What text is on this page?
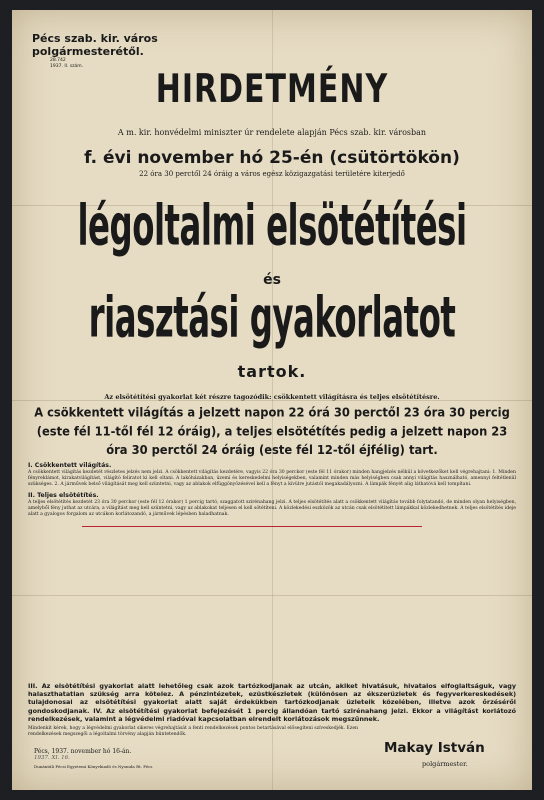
Pécs szab. kir. város polgármesterétől.
28.742
1937. II. szám.
HIRDETMÉNY
A m. kir. honvédelmi miniszter úr rendelete alapján Pécs szab. kir. városban
f. évi november hó 25-én (csütörtökön)
22 óra 30 perctől 24 óráig a város egész közigazgatási területére kiterjedő
légoltalmi elsötétítési
és
riasztási gyakorlatot
tartok.
Az elsötétítési gyakorlat két részre tagozódik: csökkentett világításra és teljes elsötétítésre.
A csökkentett világítás a jelzett napon 22 órá 30 perctől 23 óra 30 percig (este fél 11-től fél 12 óráig), a teljes elsötétítés pedig a jelzett napon 23 óra 30 perctől 24 óráig (este fél 12-től éjfélig) tart.

I. Csökkentett világítás.

A csökkentett világítás kezdetét részletes jelzés nem jelzi. A csökkentett világítás kezdetére, vagyis 22 óra 30 perckor (este fél 11 órakor) minden hangjelzés nélkül a következőket kell végrehajtani: 1. Minden fényreklámot, kirakatvilágítást, világító feliratot ki kell oltani. A lakóházakban, üzemi és kereskedelmi helyiségekben, valamint minden más helyiségben csak annyi világítás használható, amennyi feltétlenül szükséges. 2. A járművek belső világítását meg kell szüntetni, vagy az ablakok elfüggönyözésével kell a fényt a kívülre jutástól megakadályozni. A lámpák fényét alig láthatóvá kell tompítani.

II. Teljes elsötétítés.

A teljes elsötétítés kezdetét 23 óra 30 perckor (este fél 12 órakor) 1 percig tartó, szaggatott szirénahang jelzi. A teljes elsötétítés alatt a csökkentett világítás tovább folytatandó, de minden olyan helyiségben, amelyből fény juthat az utcára, a világítást meg kell szüntetni, vagy az ablakokat teljesen el kell sötétíteni. A közlekedési eszközök az utcán csak elsötétített lámpákkal közlekedhetnek. A teljes elsötétítés ideje alatt a gyalogos forgalom az utcákon korlátozandó, a járművek lépésben haladhatnak.

III. Az elsötétítési gyakorlat alatt lehetőleg csak azok tartózkodjanak az utcán, akiket hivatásuk, hivatalos elfoglaltságuk, vagy halaszthatatlan szükség arra kötelez. A pénzintézetek, ezüstkészletek (különösen az ékszerüzletek és fegyverkereskedések) tulajdonosai az elsötétítési gyakorlat alatt saját érdekükben tartózkodjanak üzleteik közelében, illetve azok őrzéséről gondoskodjanak. IV. Az elsötétítési gyakorlat befejezését 1 percig állandóan tartó szirénahang jelzi. Ekkor a világítást korlátozó rendelkezések, valamint a légvédelmi riadóval kapcsolatban elrendelt korlátozások megszűnnek.
Mindenkit kérek, hogy a légvédelmi gyakorlat sikeres végrehajtását a fenti rendelkezések pontos betartásával elősegíteni szíveskedjék. Ezen rendelkezések megszegői a légoltalmi törvény alapján büntetendők.
Pécs, 1937. november hó 16-án.	Makay István
polgármester.
1937. XI. 16.
Dunántúli Pécsi Egyetemi Könyvkiadó és Nyomda Rt. Pécs
